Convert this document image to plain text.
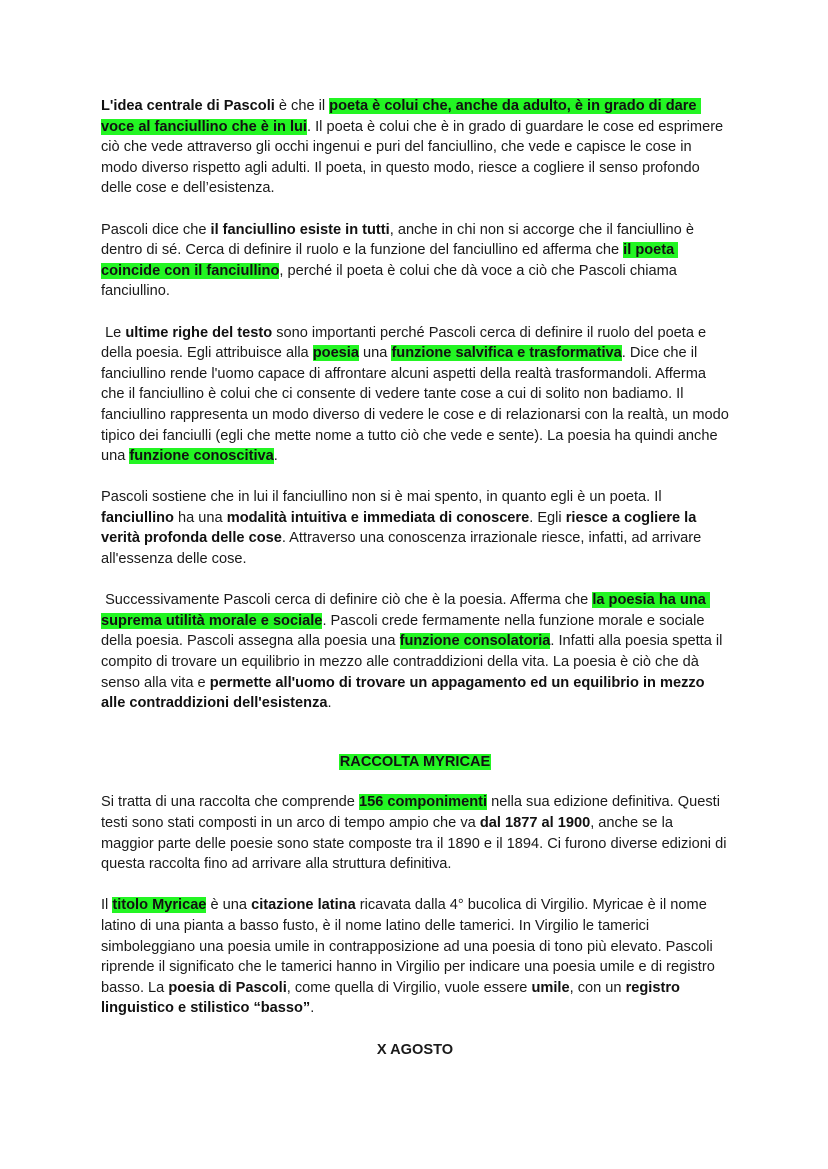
L'idea centrale di Pascoli è che il poeta è colui che, anche da adulto, è in grado di dare voce al fanciullino che è in lui. Il poeta è colui che è in grado di guardare le cose ed esprimere ciò che vede attraverso gli occhi ingenui e puri del fanciullino, che vede e capisce le cose in modo diverso rispetto agli adulti. Il poeta, in questo modo, riesce a cogliere il senso profondo delle cose e dell’esistenza.

Pascoli dice che il fanciullino esiste in tutti, anche in chi non si accorge che il fanciullino è dentro di sé. Cerca di definire il ruolo e la funzione del fanciullino ed afferma che il poeta coincide con il fanciullino, perché il poeta è colui che dà voce a ciò che Pascoli chiama fanciullino.

Le ultime righe del testo sono importanti perché Pascoli cerca di definire il ruolo del poeta e della poesia. Egli attribuisce alla poesia una funzione salvifica e trasformativa. Dice che il fanciullino rende l'uomo capace di affrontare alcuni aspetti della realtà trasformandoli. Afferma che il fanciullino è colui che ci consente di vedere tante cose a cui di solito non badiamo. Il fanciullino rappresenta un modo diverso di vedere le cose e di relazionarsi con la realtà, un modo tipico dei fanciulli (egli che mette nome a tutto ciò che vede e sente). La poesia ha quindi anche una funzione conoscitiva.

Pascoli sostiene che in lui il fanciullino non si è mai spento, in quanto egli è un poeta. Il fanciullino ha una modalità intuitiva e immediata di conoscere. Egli riesce a cogliere la verità profonda delle cose. Attraverso una conoscenza irrazionale riesce, infatti, ad arrivare all'essenza delle cose.

Successivamente Pascoli cerca di definire ciò che è la poesia. Afferma che la poesia ha una suprema utilità morale e sociale. Pascoli crede fermamente nella funzione morale e sociale della poesia. Pascoli assegna alla poesia una funzione consolatoria. Infatti alla poesia spetta il compito di trovare un equilibrio in mezzo alle contraddizioni della vita. La poesia è ciò che dà senso alla vita e permette all'uomo di trovare un appagamento ed un equilibrio in mezzo alle contraddizioni dell'esistenza.

RACCOLTA MYRICAE

Si tratta di una raccolta che comprende 156 componimenti nella sua edizione definitiva. Questi testi sono stati composti in un arco di tempo ampio che va dal 1877 al 1900, anche se la maggior parte delle poesie sono state composte tra il 1890 e il 1894. Ci furono diverse edizioni di questa raccolta fino ad arrivare alla struttura definitiva.

Il titolo Myricae è una citazione latina ricavata dalla 4° bucolica di Virgilio. Myricae è il nome latino di una pianta a basso fusto, è il nome latino delle tamerici. In Virgilio le tamerici simboleggiano una poesia umile in contrapposizione ad una poesia di tono più elevato. Pascoli riprende il significato che le tamerici hanno in Virgilio per indicare una poesia umile e di registro basso. La poesia di Pascoli, come quella di Virgilio, vuole essere umile, con un registro linguistico e stilistico “basso”.

X AGOSTO
